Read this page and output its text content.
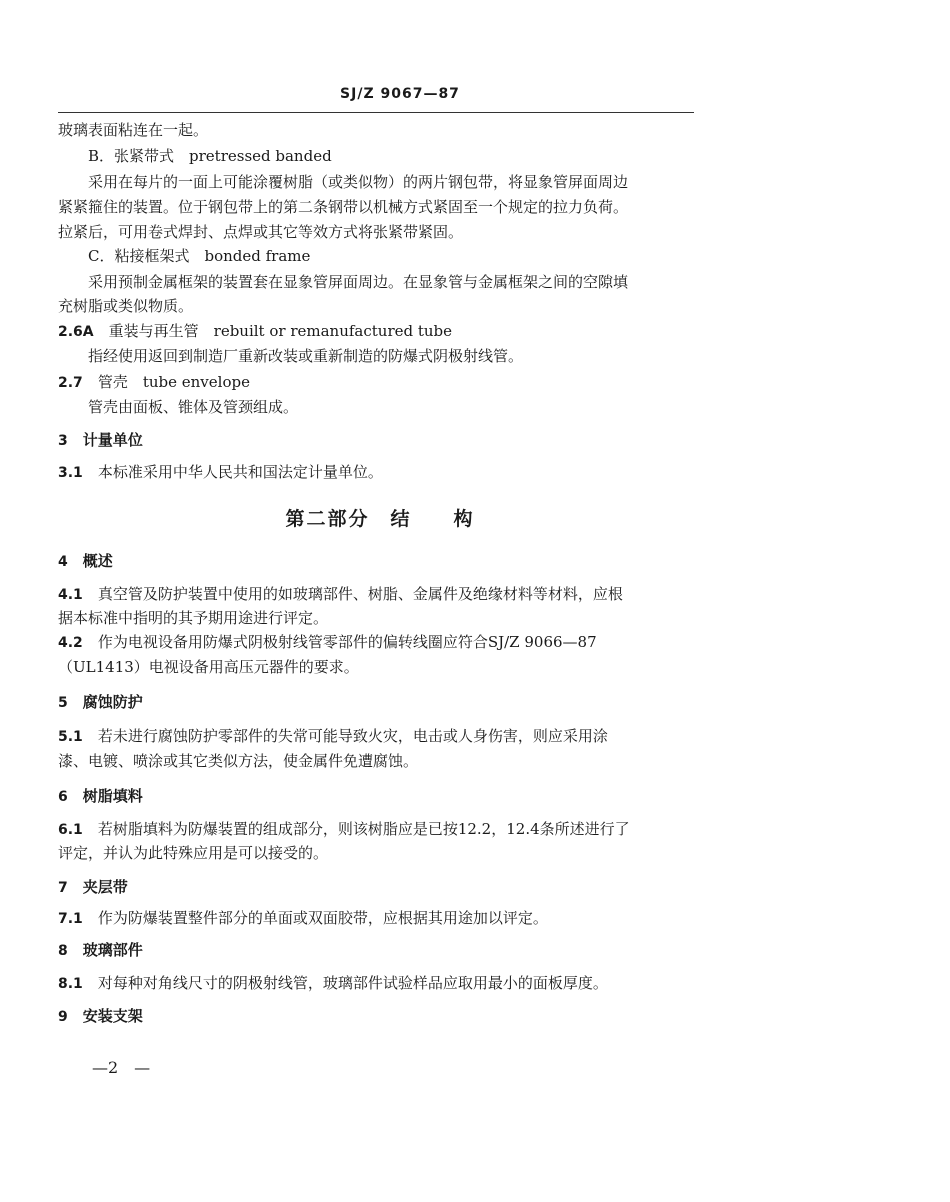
SJ/Z 9067—87
玻璃表面粘连在一起。
B．张紧带式　pretressed banded
采用在每片的一面上可能涂覆树脂（或类似物）的两片钢包带，将显象管屏面周边
紧紧箍住的装置。位于钢包带上的第二条钢带以机械方式紧固至一个规定的拉力负荷。
拉紧后，可用卷式焊封、点焊或其它等效方式将张紧带紧固。
C．粘接框架式　bonded frame
采用预制金属框架的装置套在显象管屏面周边。在显象管与金属框架之间的空隙填
充树脂或类似物质。
2.6A　 重装与再生管　rebuilt or remanufactured tube
指经使用返回到制造厂重新改装或重新制造的防爆式阴极射线管。
2.7　 管壳　tube envelope
管壳由面板、锥体及管颈组成。
3　 计量单位
3.1　 本标准采用中华人民共和国法定计量单位。
第二部分　结　　构
4　 概述
4.1　 真空管及防护装置中使用的如玻璃部件、树脂、金属件及绝缘材料等材料，应根
据本标准中指明的其予期用途进行评定。
4.2　 作为电视设备用防爆式阴极射线管零部件的偏转线圈应符合SJ/Z 9066—87
（UL1413）电视设备用高压元器件的要求。
5　 腐蚀防护
5.1　 若未进行腐蚀防护零部件的失常可能导致火灾，电击或人身伤害，则应采用涂
漆、电镀、喷涂或其它类似方法，使金属件免遭腐蚀。
6　 树脂填料
6.1　 若树脂填料为防爆装置的组成部分，则该树脂应是已按12.2，12.4条所述进行了
评定，并认为此特殊应用是可以接受的。
7　 夹层带
7.1　 作为防爆装置整件部分的单面或双面胶带，应根据其用途加以评定。
8　 玻璃部件
8.1　 对每种对角线尺寸的阴极射线管，玻璃部件试验样品应取用最小的面板厚度。
9　 安装支架
—2　—
